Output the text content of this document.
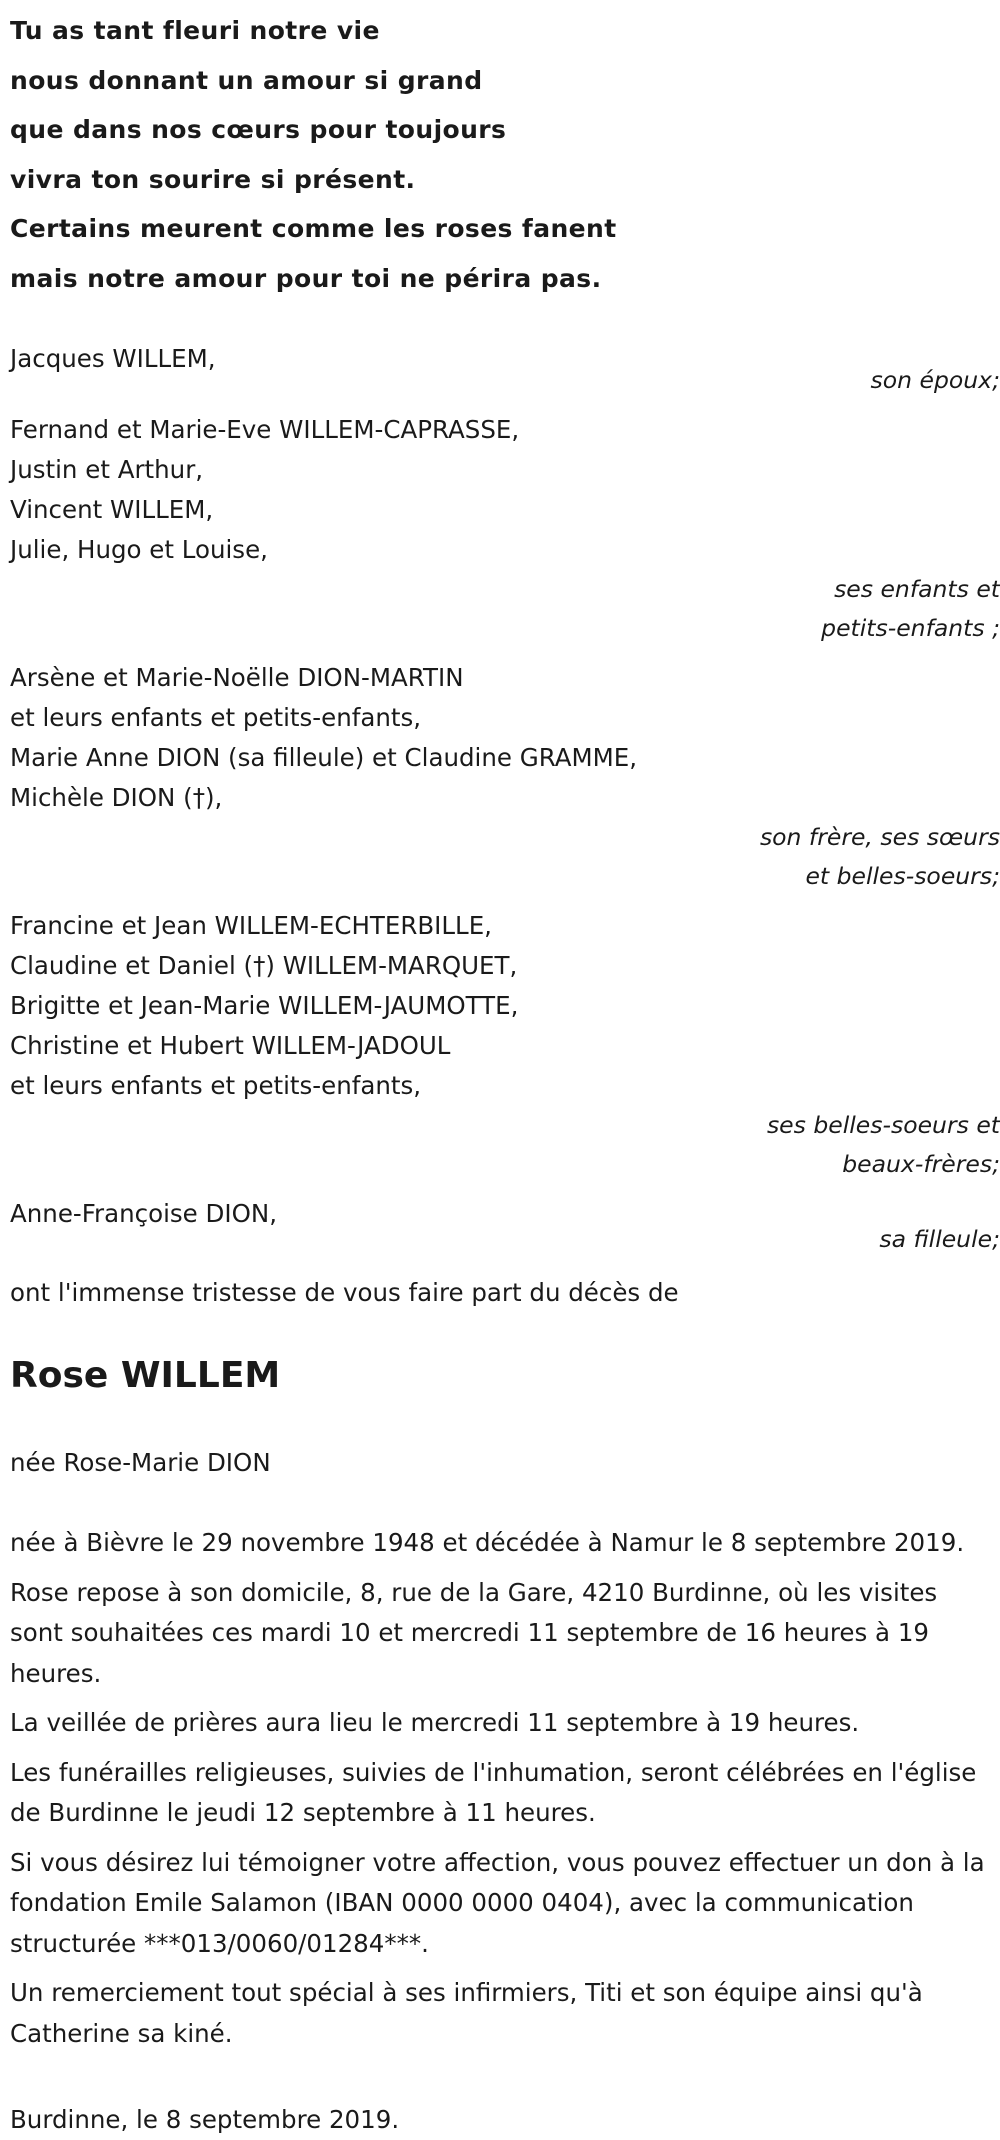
Tu as tant fleuri notre vie

nous donnant un amour si grand

que dans nos cœurs pour toujours

vivra ton sourire si présent.

Certains meurent comme les roses fanent

mais notre amour pour toi ne périra pas.

Jacques WILLEM,

son époux;

Fernand et Marie-Eve WILLEM-CAPRASSE,

Justin et Arthur,

Vincent WILLEM,

Julie, Hugo et Louise,

ses enfants et

petits-enfants ;

Arsène et Marie-Noëlle DION-MARTIN

et leurs enfants et petits-enfants,

Marie Anne DION (sa filleule) et Claudine GRAMME,

Michèle DION (†),

son frère, ses sœurs

et belles-soeurs;

Francine et Jean WILLEM-ECHTERBILLE,

Claudine et Daniel (†) WILLEM-MARQUET,

Brigitte et Jean-Marie WILLEM-JAUMOTTE,

Christine et Hubert WILLEM-JADOUL

et leurs enfants et petits-enfants,

ses belles-soeurs et

beaux-frères;

Anne-Françoise DION,

sa filleule;

ont l'immense tristesse de vous faire part du décès de

Rose WILLEM

née Rose-Marie DION

née à Bièvre le 29 novembre 1948 et décédée à Namur le 8 septembre 2019.

Rose repose à son domicile, 8, rue de la Gare, 4210 Burdinne, où les visites sont souhaitées ces mardi 10 et mercredi 11 septembre de 16 heures à 19 heures.

La veillée de prières aura lieu le mercredi 11 septembre à 19 heures.

Les funérailles religieuses, suivies de l'inhumation, seront célébrées en l'église de Burdinne le jeudi 12 septembre à 11 heures.

Si vous désirez lui témoigner votre affection, vous pouvez effectuer un don à la fondation Emile Salamon (IBAN 0000 0000 0404), avec la communication structurée ***013/0060/01284***.

Un remerciement tout spécial à ses infirmiers, Titi et son équipe ainsi qu'à Catherine sa kiné.

Burdinne, le 8 septembre 2019.
